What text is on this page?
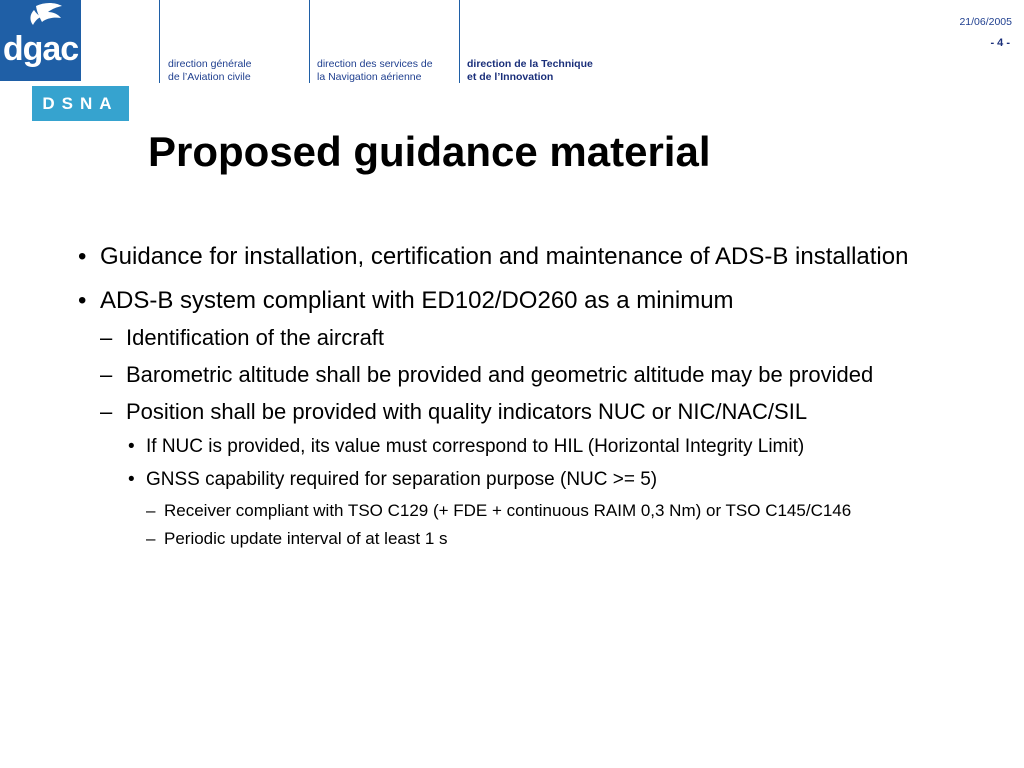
dgac
DSNA
direction générale
de l’Aviation civile
direction des services de
la Navigation aérienne
direction de la Technique
et de l’Innovation
21/06/2005
- 4 -
Proposed guidance material
• Guidance for installation, certification and maintenance of ADS-B installation
• ADS-B system compliant with ED102/DO260 as a minimum
– Identification of the aircraft
– Barometric altitude shall be provided and geometric altitude may be provided
– Position shall be provided with quality indicators NUC or NIC/NAC/SIL
• If NUC is provided, its value must correspond to HIL (Horizontal Integrity Limit)
• GNSS capability required for separation purpose (NUC >= 5)
– Receiver compliant with TSO C129 (+ FDE + continuous RAIM 0,3 Nm) or TSO C145/C146
– Periodic update interval of at least 1 s
